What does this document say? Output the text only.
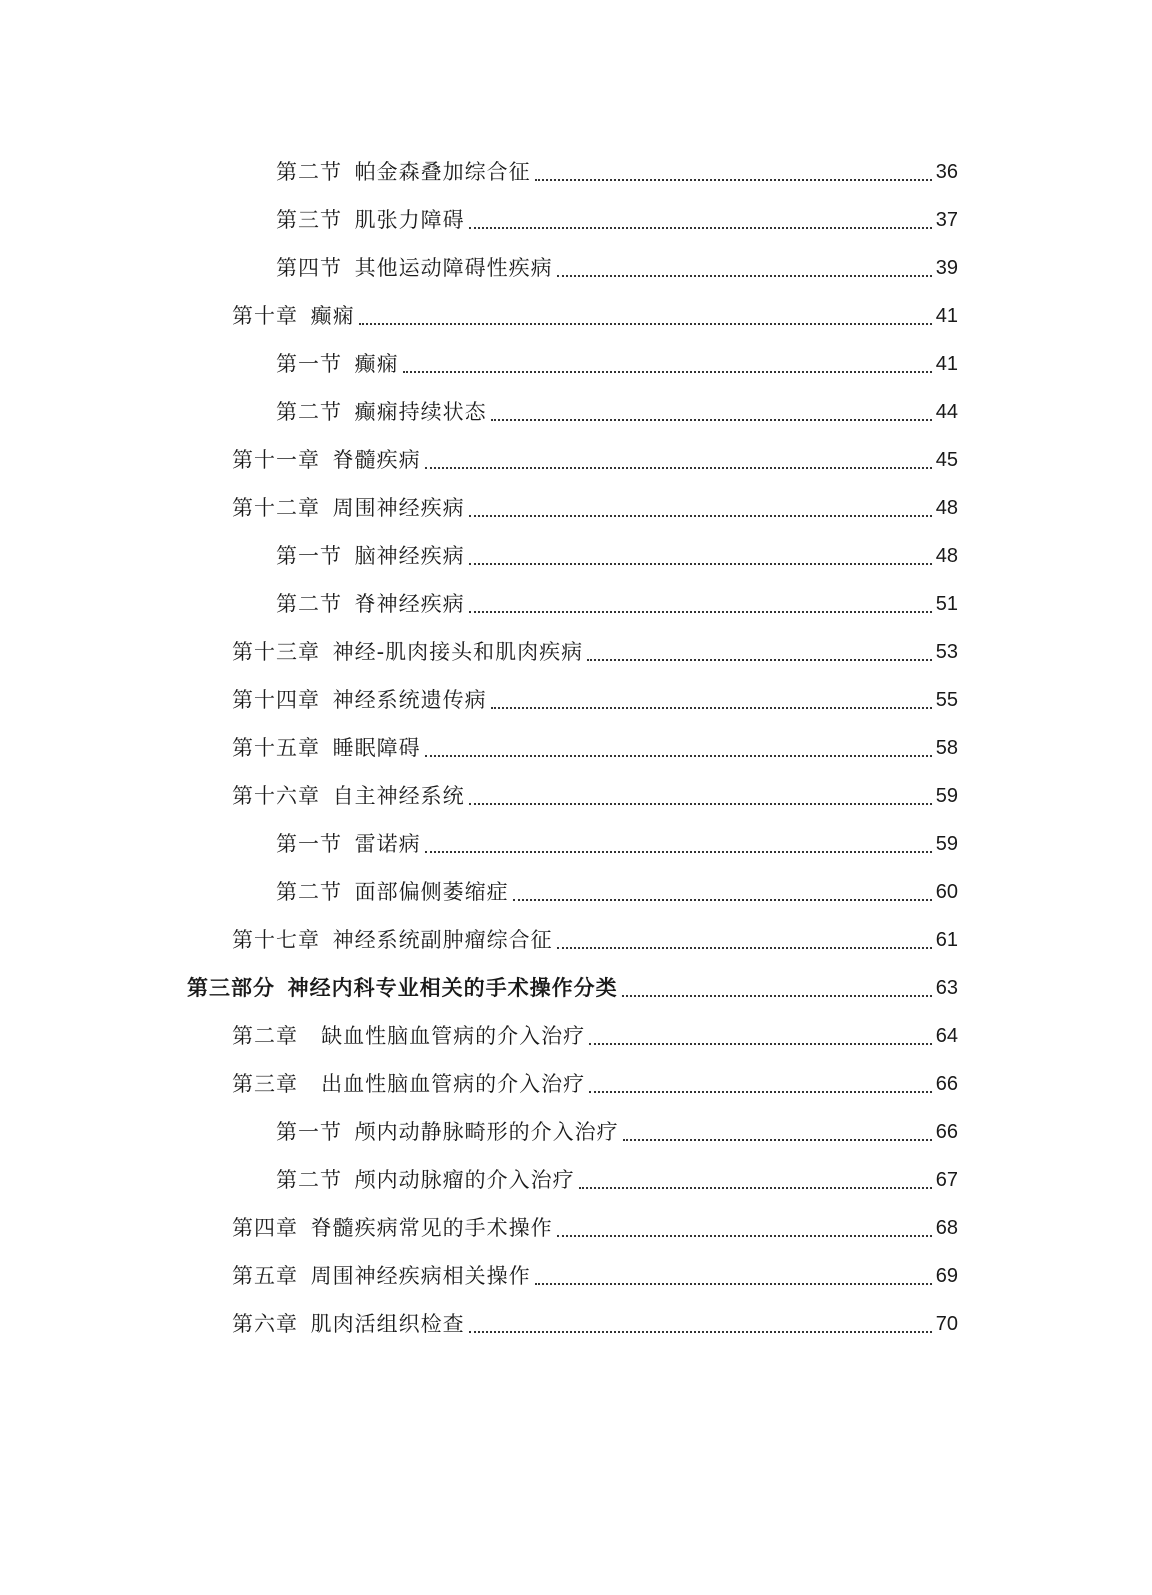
第二节 帕金森叠加综合征	36
第三节 肌张力障碍	37
第四节 其他运动障碍性疾病	39
第十章 癫痫	41
第一节 癫痫	41
第二节 癫痫持续状态	44
第十一章 脊髓疾病	45
第十二章 周围神经疾病	48
第一节 脑神经疾病	48
第二节 脊神经疾病	51
第十三章 神经-肌肉接头和肌肉疾病	53
第十四章 神经系统遗传病	55
第十五章 睡眠障碍	58
第十六章 自主神经系统	59
第一节 雷诺病	59
第二节 面部偏侧萎缩症	60
第十七章 神经系统副肿瘤综合征	61
第三部分 神经内科专业相关的手术操作分类	63
第二章 缺血性脑血管病的介入治疗	64
第三章 出血性脑血管病的介入治疗	66
第一节 颅内动静脉畸形的介入治疗	66
第二节 颅内动脉瘤的介入治疗	67
第四章 脊髓疾病常见的手术操作	68
第五章 周围神经疾病相关操作	69
第六章 肌肉活组织检查	70
